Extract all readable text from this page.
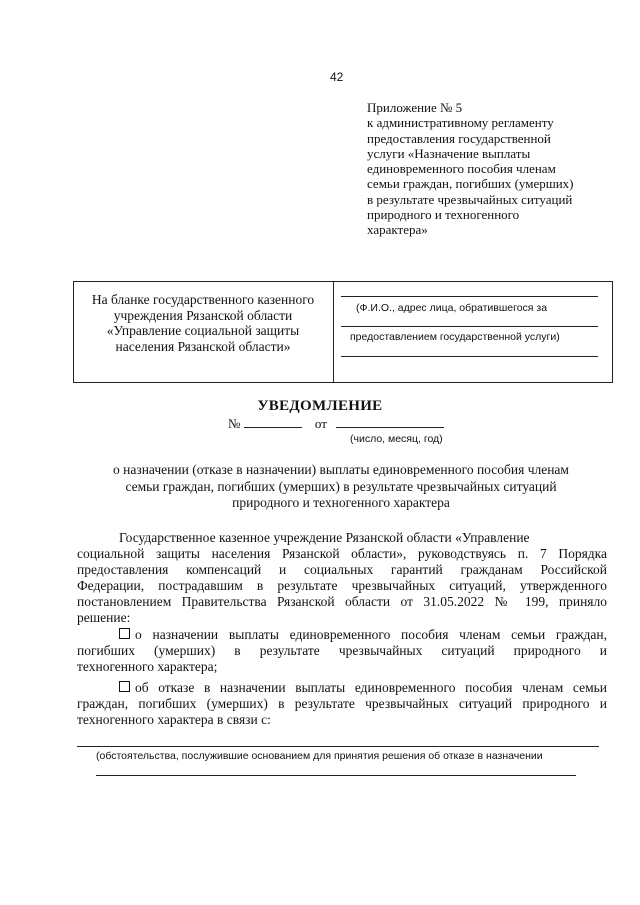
42
Приложение № 5
к административному регламенту
предоставления государственной
услуги «Назначение выплаты
единовременного пособия членам
семьи граждан, погибших (умерших)
в результате чрезвычайных ситуаций
природного и техногенного
характера»
На бланке государственного казенного
учреждения Рязанской области
«Управление социальной защиты
населения Рязанской области»
(Ф.И.О., адрес лица, обратившегося за
предоставлением государственной услуги)
УВЕДОМЛЕНИЕ
№	от
(число, месяц, год)
о назначении (отказе в назначении) выплаты единовременного пособия членам
семьи граждан, погибших (умерших) в результате чрезвычайных ситуаций
природного и техногенного характера
Государственное казенное учреждение Рязанской области «Управление
социальной защиты населения Рязанской области», руководствуясь п. 7 Порядка
предоставления компенсаций и социальных гарантий гражданам Российской
Федерации, пострадавшим в результате чрезвычайных ситуаций, утвержденного
постановлением Правительства Рязанской области от 31.05.2022 № 199, приняло
решение:

о назначении выплаты единовременного пособия членам семьи граждан,

погибших (умерших) в результате чрезвычайных ситуаций природного и
техногенного характера;

об отказе в назначении выплаты единовременного пособия членам семьи

граждан, погибших (умерших) в результате чрезвычайных ситуаций природного и
техногенного характера в связи с:
(обстоятельства, послужившие основанием для принятия решения об отказе в назначении
